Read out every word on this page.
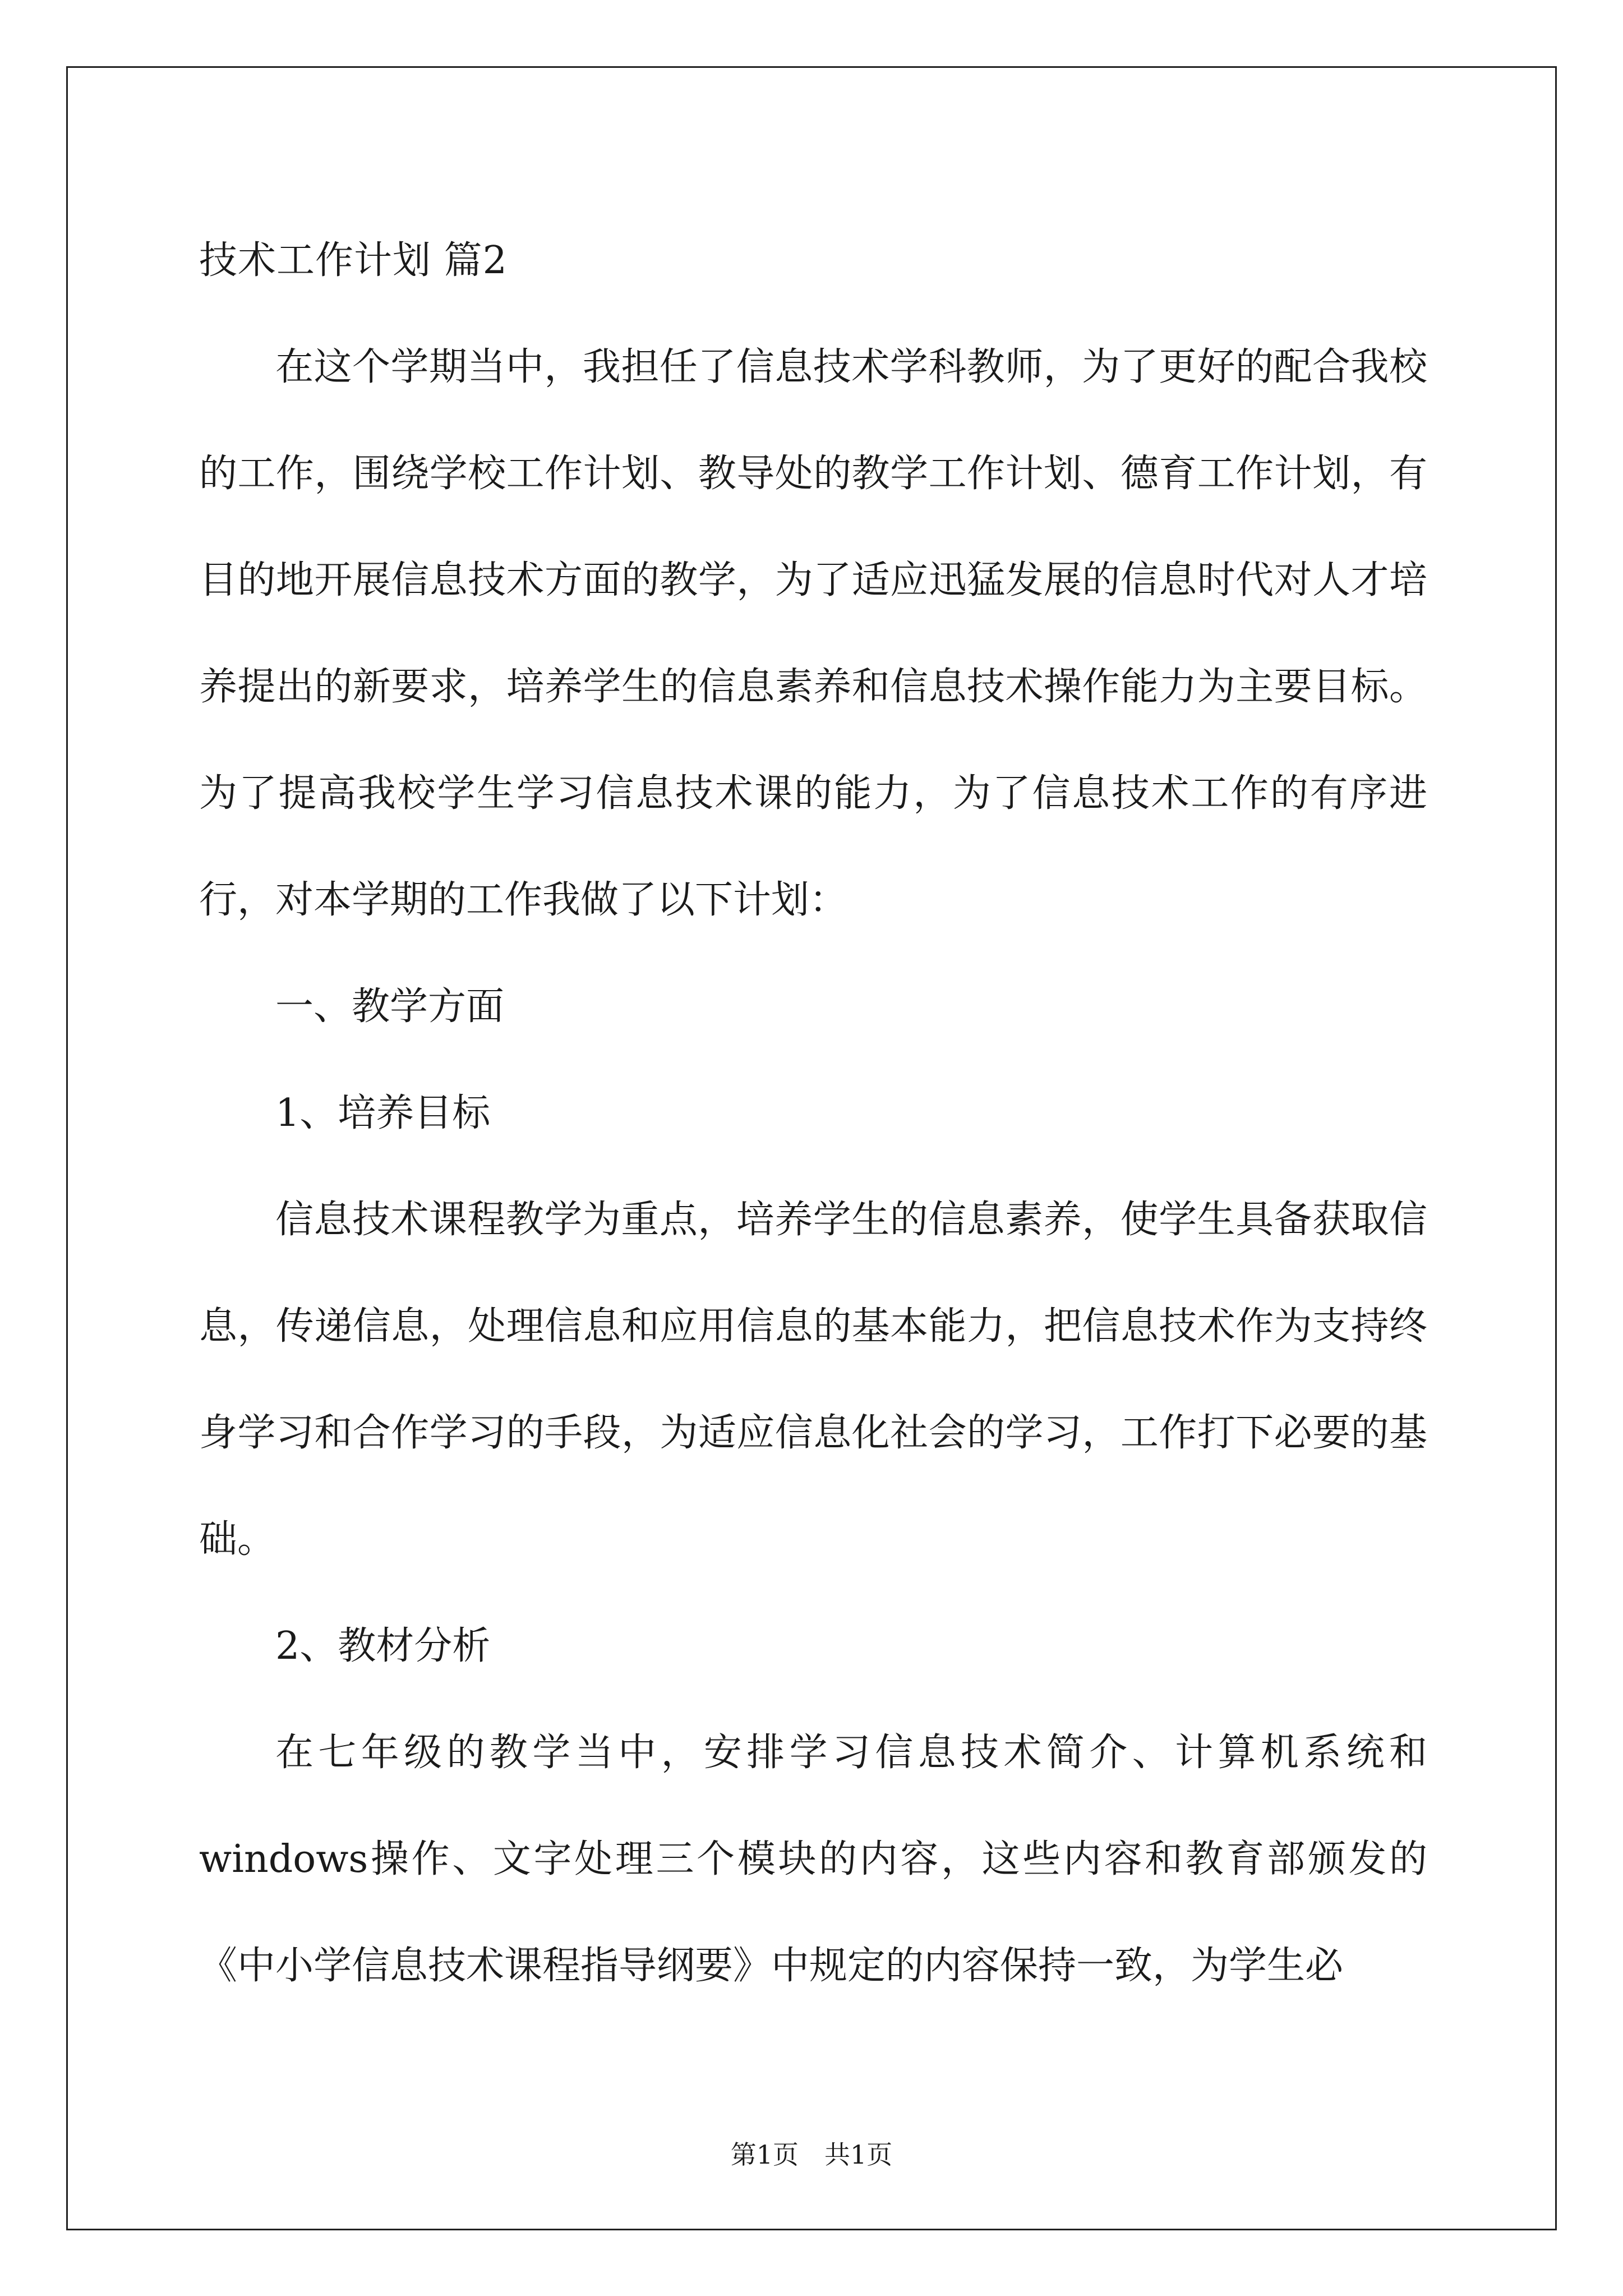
技术工作计划 篇2

在这个学期当中，我担任了信息技术学科教师，为了更好的配合我校的工作，围绕学校工作计划、教导处的教学工作计划、德育工作计划，有目的地开展信息技术方面的教学，为了适应迅猛发展的信息时代对人才培养提出的新要求，培养学生的信息素养和信息技术操作能力为主要目标。为了提高我校学生学习信息技术课的能力，为了信息技术工作的有序进行，对本学期的工作我做了以下计划：

一、教学方面

1、培养目标

信息技术课程教学为重点，培养学生的信息素养，使学生具备获取信息，传递信息，处理信息和应用信息的基本能力，把信息技术作为支持终身学习和合作学习的手段，为适应信息化社会的学习，工作打下必要的基础。

2、教材分析

在七年级的教学当中，安排学习信息技术简介、计算机系统和windows操作、文字处理三个模块的内容，这些内容和教育部颁发的《中小学信息技术课程指导纲要》中规定的内容保持一致，为学生必

第1页　共1页
